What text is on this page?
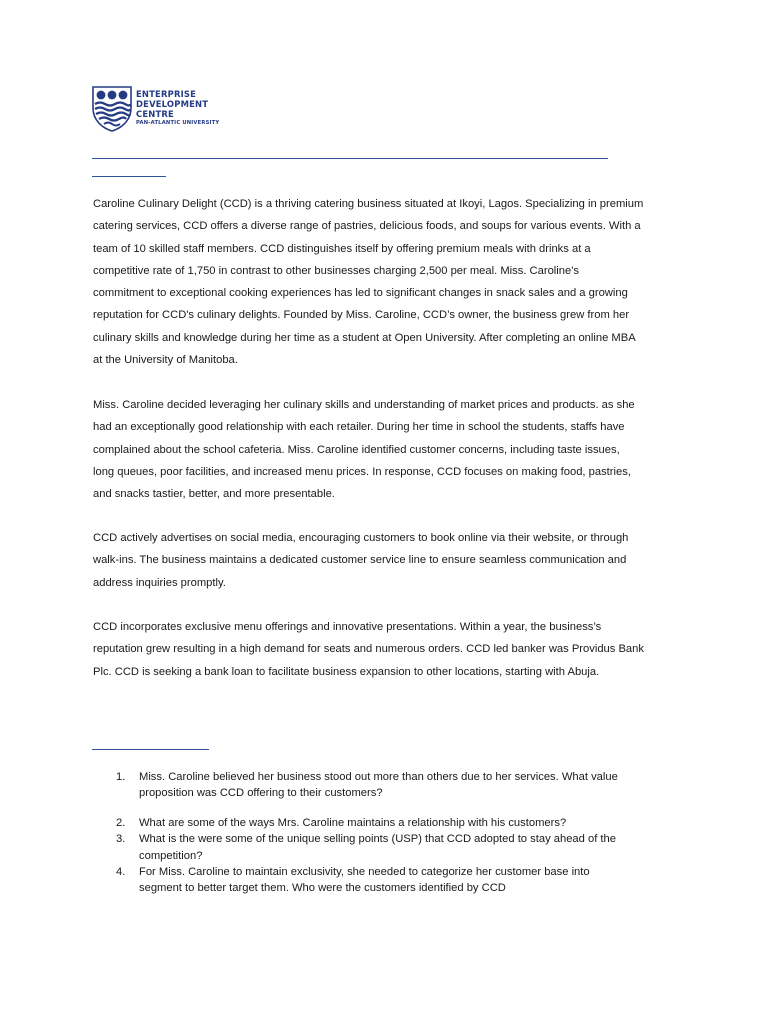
ENTERPRISE
DEVELOPMENT
CENTRE
PAN-ATLANTIC UNIVERSITY
Caroline Culinary Delight (CCD) is a thriving catering business situated at Ikoyi, Lagos. Specializing in premium
catering services, CCD offers a diverse range of pastries, delicious foods, and soups for various events. With a
team of 10 skilled staff members. CCD distinguishes itself by offering premium meals with drinks at a
competitive rate of 1,750 in contrast to other businesses charging 2,500 per meal. Miss. Caroline's
commitment to exceptional cooking experiences has led to significant changes in snack sales and a growing
reputation for CCD's culinary delights. Founded by Miss. Caroline, CCD’s owner, the business grew from her
culinary skills and knowledge during her time as a student at Open University. After completing an online MBA
at the University of Manitoba.
Miss. Caroline decided leveraging her culinary skills and understanding of market prices and products. as she
had an exceptionally good relationship with each retailer. During her time in school the students, staffs have
complained about the school cafeteria. Miss. Caroline identified customer concerns, including taste issues,
long queues, poor facilities, and increased menu prices. In response, CCD focuses on making food, pastries,
and snacks tastier, better, and more presentable.
CCD actively advertises on social media, encouraging customers to book online via their website, or through
walk-ins. The business maintains a dedicated customer service line to ensure seamless communication and
address inquiries promptly.
CCD incorporates exclusive menu offerings and innovative presentations. Within a year, the business’s
reputation grew resulting in a high demand for seats and numerous orders. CCD led banker was Providus Bank
Plc. CCD is seeking a bank loan to facilitate business expansion to other locations, starting with Abuja.
1. Miss. Caroline believed her business stood out more than others due to her services. What value
proposition was CCD offering to their customers?
2. What are some of the ways Mrs. Caroline maintains a relationship with his customers?
3. What is the were some of the unique selling points (USP) that CCD adopted to stay ahead of the
competition?
4. For Miss. Caroline to maintain exclusivity, she needed to categorize her customer base into
segment to better target them. Who were the customers identified by CCD
